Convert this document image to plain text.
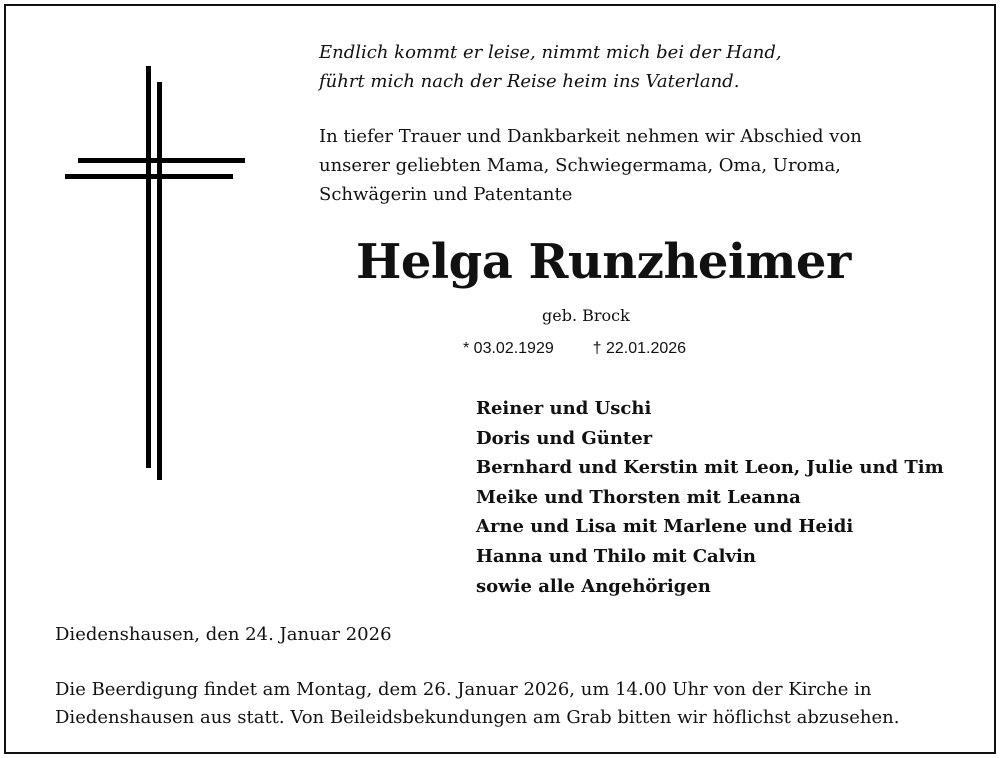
Endlich kommt er leise, nimmt mich bei der Hand,
führt mich nach der Reise heim ins Vaterland.
In tiefer Trauer und Dankbarkeit nehmen wir Abschied von
unserer geliebten Mama, Schwiegermama, Oma, Uroma,
Schwägerin und Patentante
Helga Runzheimer
geb. Brock
* 03.02.1929 † 22.01.2026
Reiner und Uschi
Doris und Günter
Bernhard und Kerstin mit Leon, Julie und Tim
Meike und Thorsten mit Leanna
Arne und Lisa mit Marlene und Heidi
Hanna und Thilo mit Calvin
sowie alle Angehörigen
Diedenshausen, den 24. Januar 2026
Die Beerdigung findet am Montag, dem 26. Januar 2026, um 14.00 Uhr von der Kirche in
Diedenshausen aus statt. Von Beileidsbekundungen am Grab bitten wir höflichst abzusehen.
